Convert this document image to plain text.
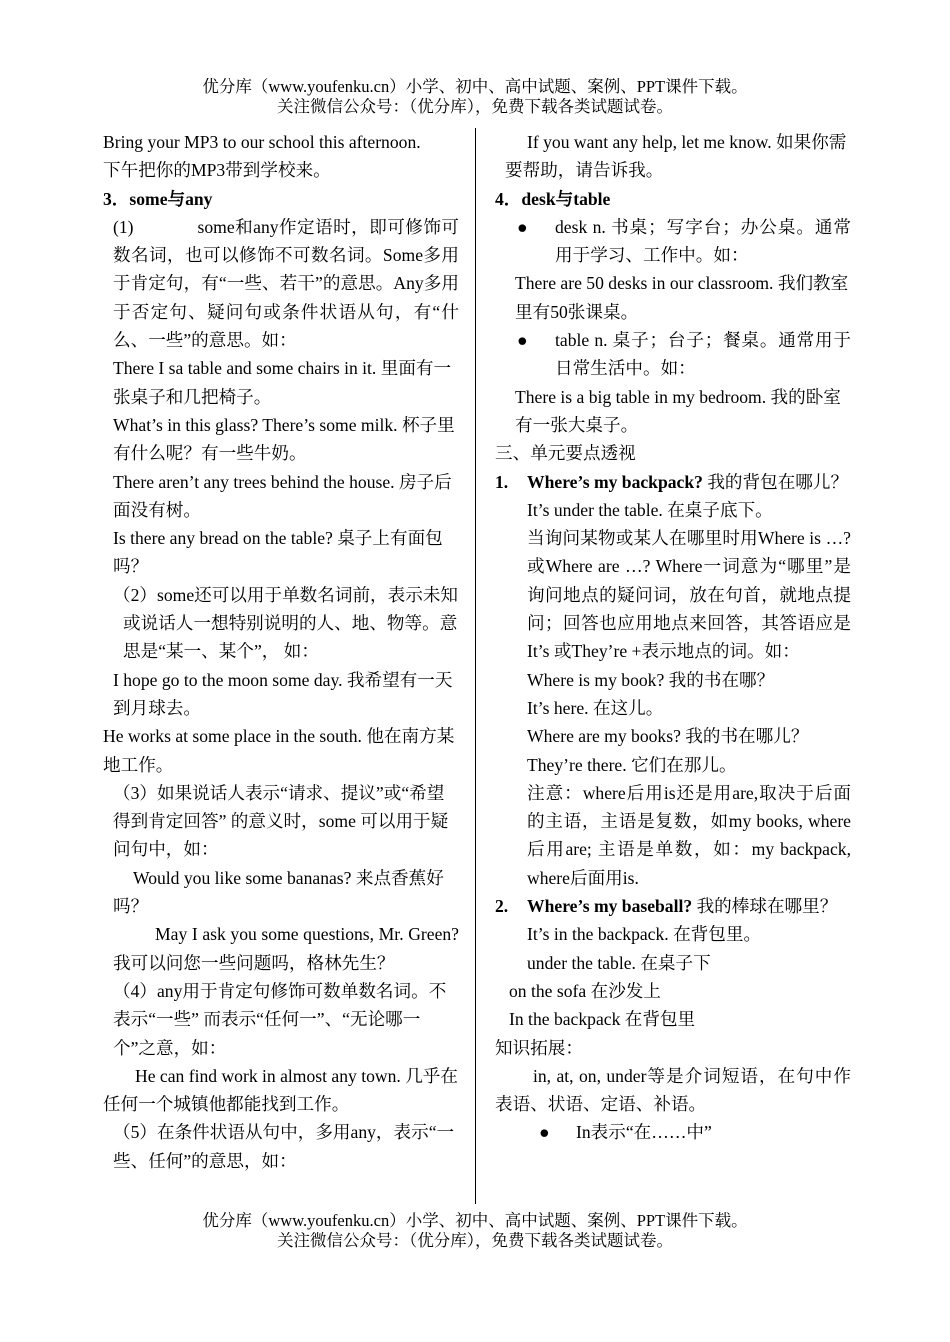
优分库（www.youfenku.cn）小学、初中、高中试题、案例、PPT课件下载。
关注微信公众号：（优分库），免费下载各类试题试卷。

Bring your MP3 to our school this afternoon.

下午把你的MP3带到学校来。

3．some与any

(1)	some和any作定语时，即可修饰可数名词，也可以修饰不可数名词。Some多用于肯定句，有“一些、若干”的意思。Any多用于否定句、疑问句或条件状语从句，有“什么、一些”的意思。如：

There I sa table and some chairs in it. 里面有一张桌子和几把椅子。

What’s in this glass? There’s some milk. 杯子里有什么呢？有一些牛奶。

There aren’t any trees behind the house. 房子后面没有树。

Is there any bread on the table? 桌子上有面包吗？

（2）some还可以用于单数名词前，表示未知或说话人一想特别说明的人、地、物等。意思是“某一、某个”， 如：

I hope go to the moon some day. 我希望有一天到月球去。

He works at some place in the south. 他在南方某地工作。

（3）如果说话人表示“请求、提议”或“希望得到肯定回答” 的意义时，some 可以用于疑问句中，如：

Would you like some bananas? 来点香蕉好吗？

May I ask you some questions, Mr. Green? 我可以问您一些问题吗，格林先生？

（4）any用于肯定句修饰可数单数名词。不表示“一些” 而表示“任何一”、“无论哪一个”之意，如：

He can find work in almost any town. 几乎在任何一个城镇他都能找到工作。

（5）在条件状语从句中，多用any，表示“一些、任何”的意思，如：

If you want any help, let me know. 如果你需要帮助，请告诉我。

4．desk与table

●	desk n. 书桌；写字台；办公桌。通常用于学习、工作中。如：

There are 50 desks in our classroom. 我们教室里有50张课桌。

●	table n. 桌子；台子；餐桌。通常用于日常生活中。如：

There is a big table in my bedroom. 我的卧室有一张大桌子。

三、单元要点透视

1.	Where’s my backpack? 我的背包在哪儿？

It’s under the table. 在桌子底下。

当询问某物或某人在哪里时用Where is …?或Where are …? Where一词意为“哪里”是询问地点的疑问词，放在句首，就地点提问；回答也应用地点来回答，其答语应是It’s 或They’re +表示地点的词。如：

Where is my book? 我的书在哪？

It’s here. 在这儿。

Where are my books? 我的书在哪儿？

They’re there. 它们在那儿。

注意：where后用is还是用are,取决于后面的主语，主语是复数，如my books, where后用are; 主语是单数，如：my backpack, where后面用is.

2.	Where’s my baseball? 我的棒球在哪里？

It’s in the backpack. 在背包里。

under the table. 在桌子下

on the sofa 在沙发上

In the backpack 在背包里

知识拓展：

in, at, on, under等是介词短语，在句中作表语、状语、定语、补语。

●	In表示“在……中”
优分库（www.youfenku.cn）小学、初中、高中试题、案例、PPT课件下载。
关注微信公众号：（优分库），免费下载各类试题试卷。
